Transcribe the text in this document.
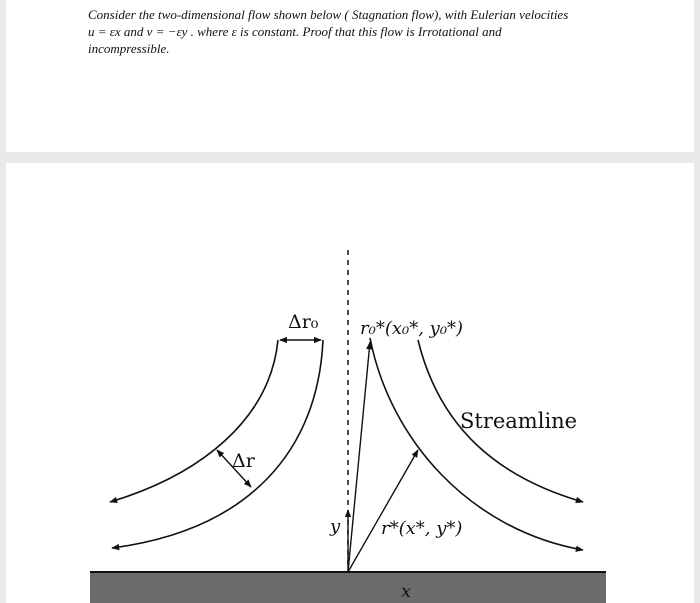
Consider the two-dimensional flow shown below ( Stagnation flow), with Eulerian velocities
u = εx and v = −εy . where ε is constant. Proof that this flow is Irrotational and
incompressible.
Δr₀
Δr
r₀*(x₀*, y₀*)
Streamline
r*(x*, y*)
y
x
